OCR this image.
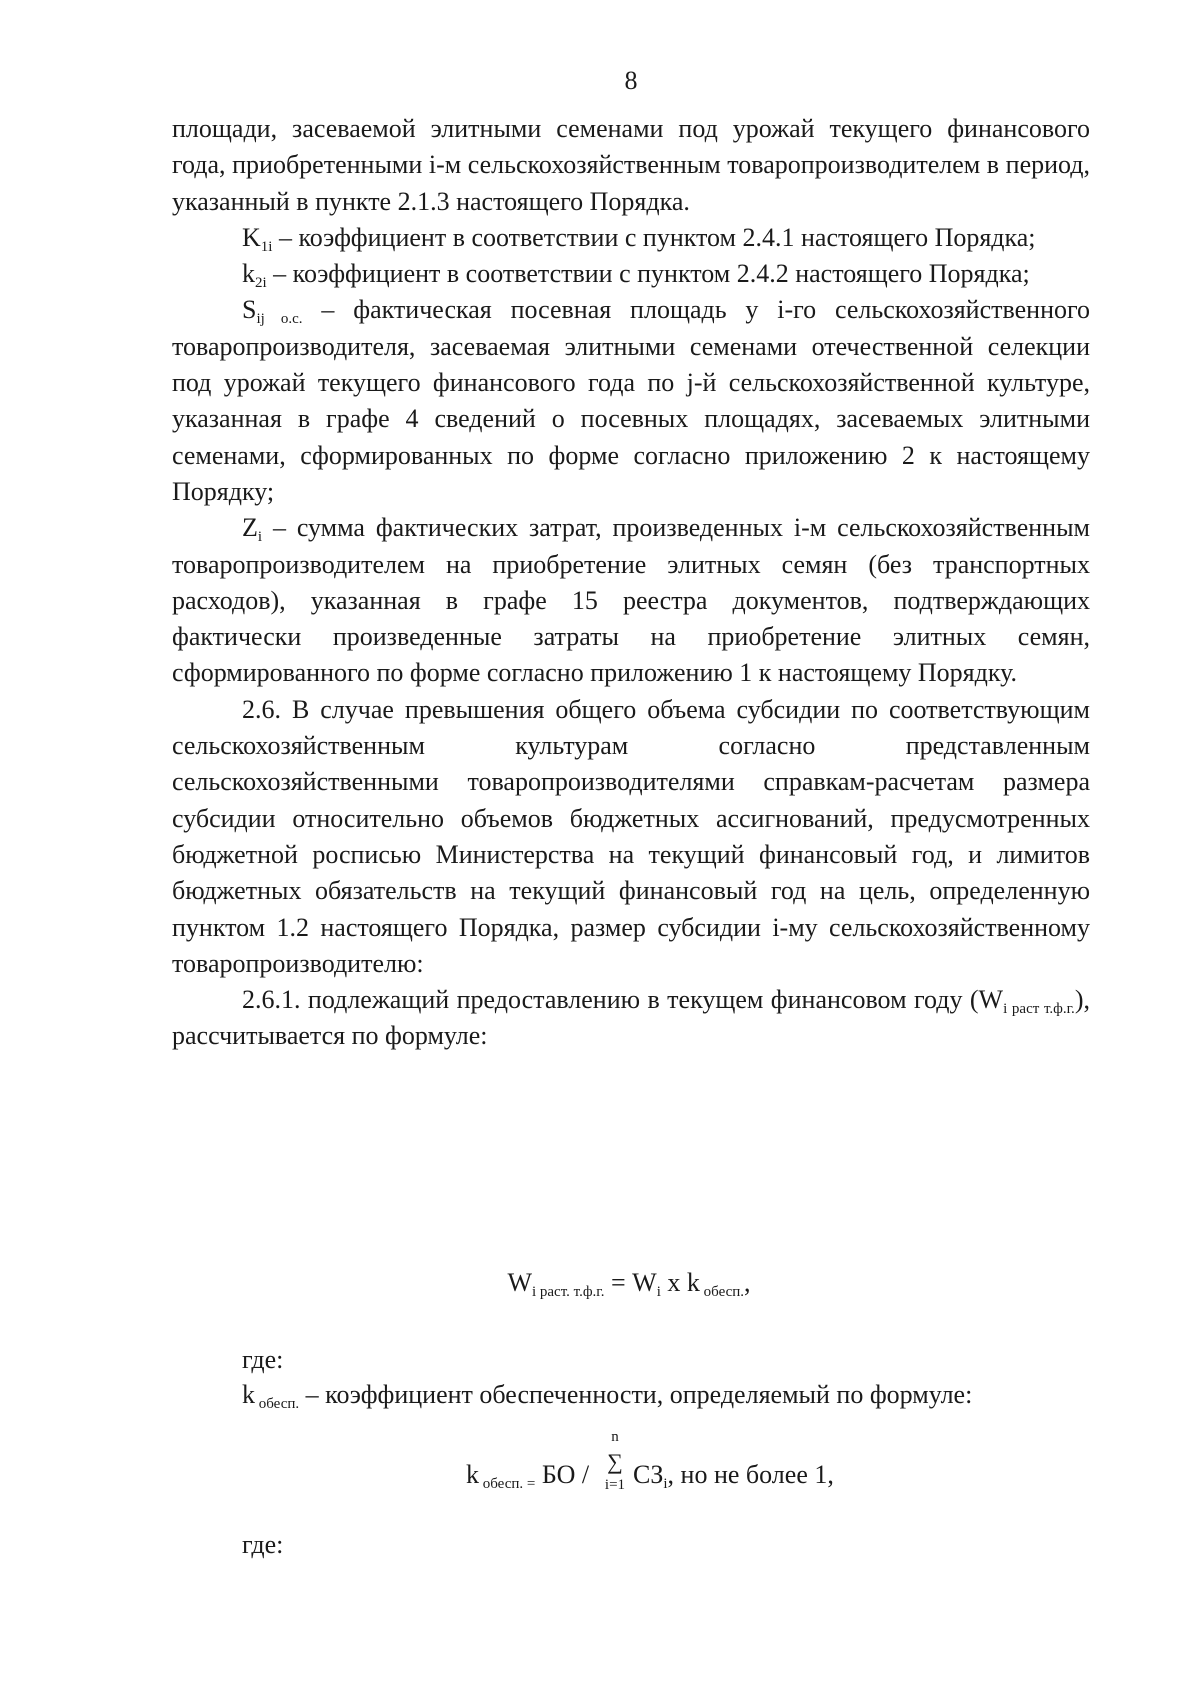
8

площади, засеваемой элитными семенами под урожай текущего финансового года, приобретенными i-м сельскохозяйственным товаропроизводителем в период, указанный в пункте 2.1.3 настоящего Порядка.

$K_{1i}$ – коэффициент в соответствии с пунктом 2.4.1 настоящего Порядка;

$k_{2i}$ – коэффициент в соответствии с пунктом 2.4.2 настоящего Порядка;

$S_{ij о.с.}$ – фактическая посевная площадь у i-го сельскохозяйственного товаропроизводителя, засеваемая элитными семенами отечественной селекции под урожай текущего финансового года по j-й сельскохозяйственной культуре, указанная в графе 4 сведений о посевных площадях, засеваемых элитными семенами, сформированных по форме согласно приложению 2 к настоящему Порядку;

$Z_i$ – сумма фактических затрат, произведенных i-м сельскохозяйственным товаропроизводителем на приобретение элитных семян (без транспортных расходов), указанная в графе 15 реестра документов, подтверждающих фактически произведенные затраты на приобретение элитных семян, сформированного по форме согласно приложению 1 к настоящему Порядку.

2.6. В случае превышения общего объема субсидии по соответствующим сельскохозяйственным культурам согласно представленным сельскохозяйственными товаропроизводителями справкам-расчетам размера субсидии относительно объемов бюджетных ассигнований, предусмотренных бюджетной росписью Министерства на текущий финансовый год, и лимитов бюджетных обязательств на текущий финансовый год на цель, определенную пунктом 1.2 настоящего Порядка, размер субсидии i-му сельскохозяйственному товаропроизводителю:

2.6.1. подлежащий предоставлению в текущем финансовом году $(W_{i раст т.ф.г.})$, рассчитывается по формуле:

$W_{i раст. т.ф.г.} = W_i$ x k $_{обесп.}$,
где:
k $_{обесп.}$ – коэффициент обеспеченности, определяемый по формуле:
k $_{обесп. =}$ БО /
n
∑
i=1 $СЗ_i$, но не более 1,
где:
